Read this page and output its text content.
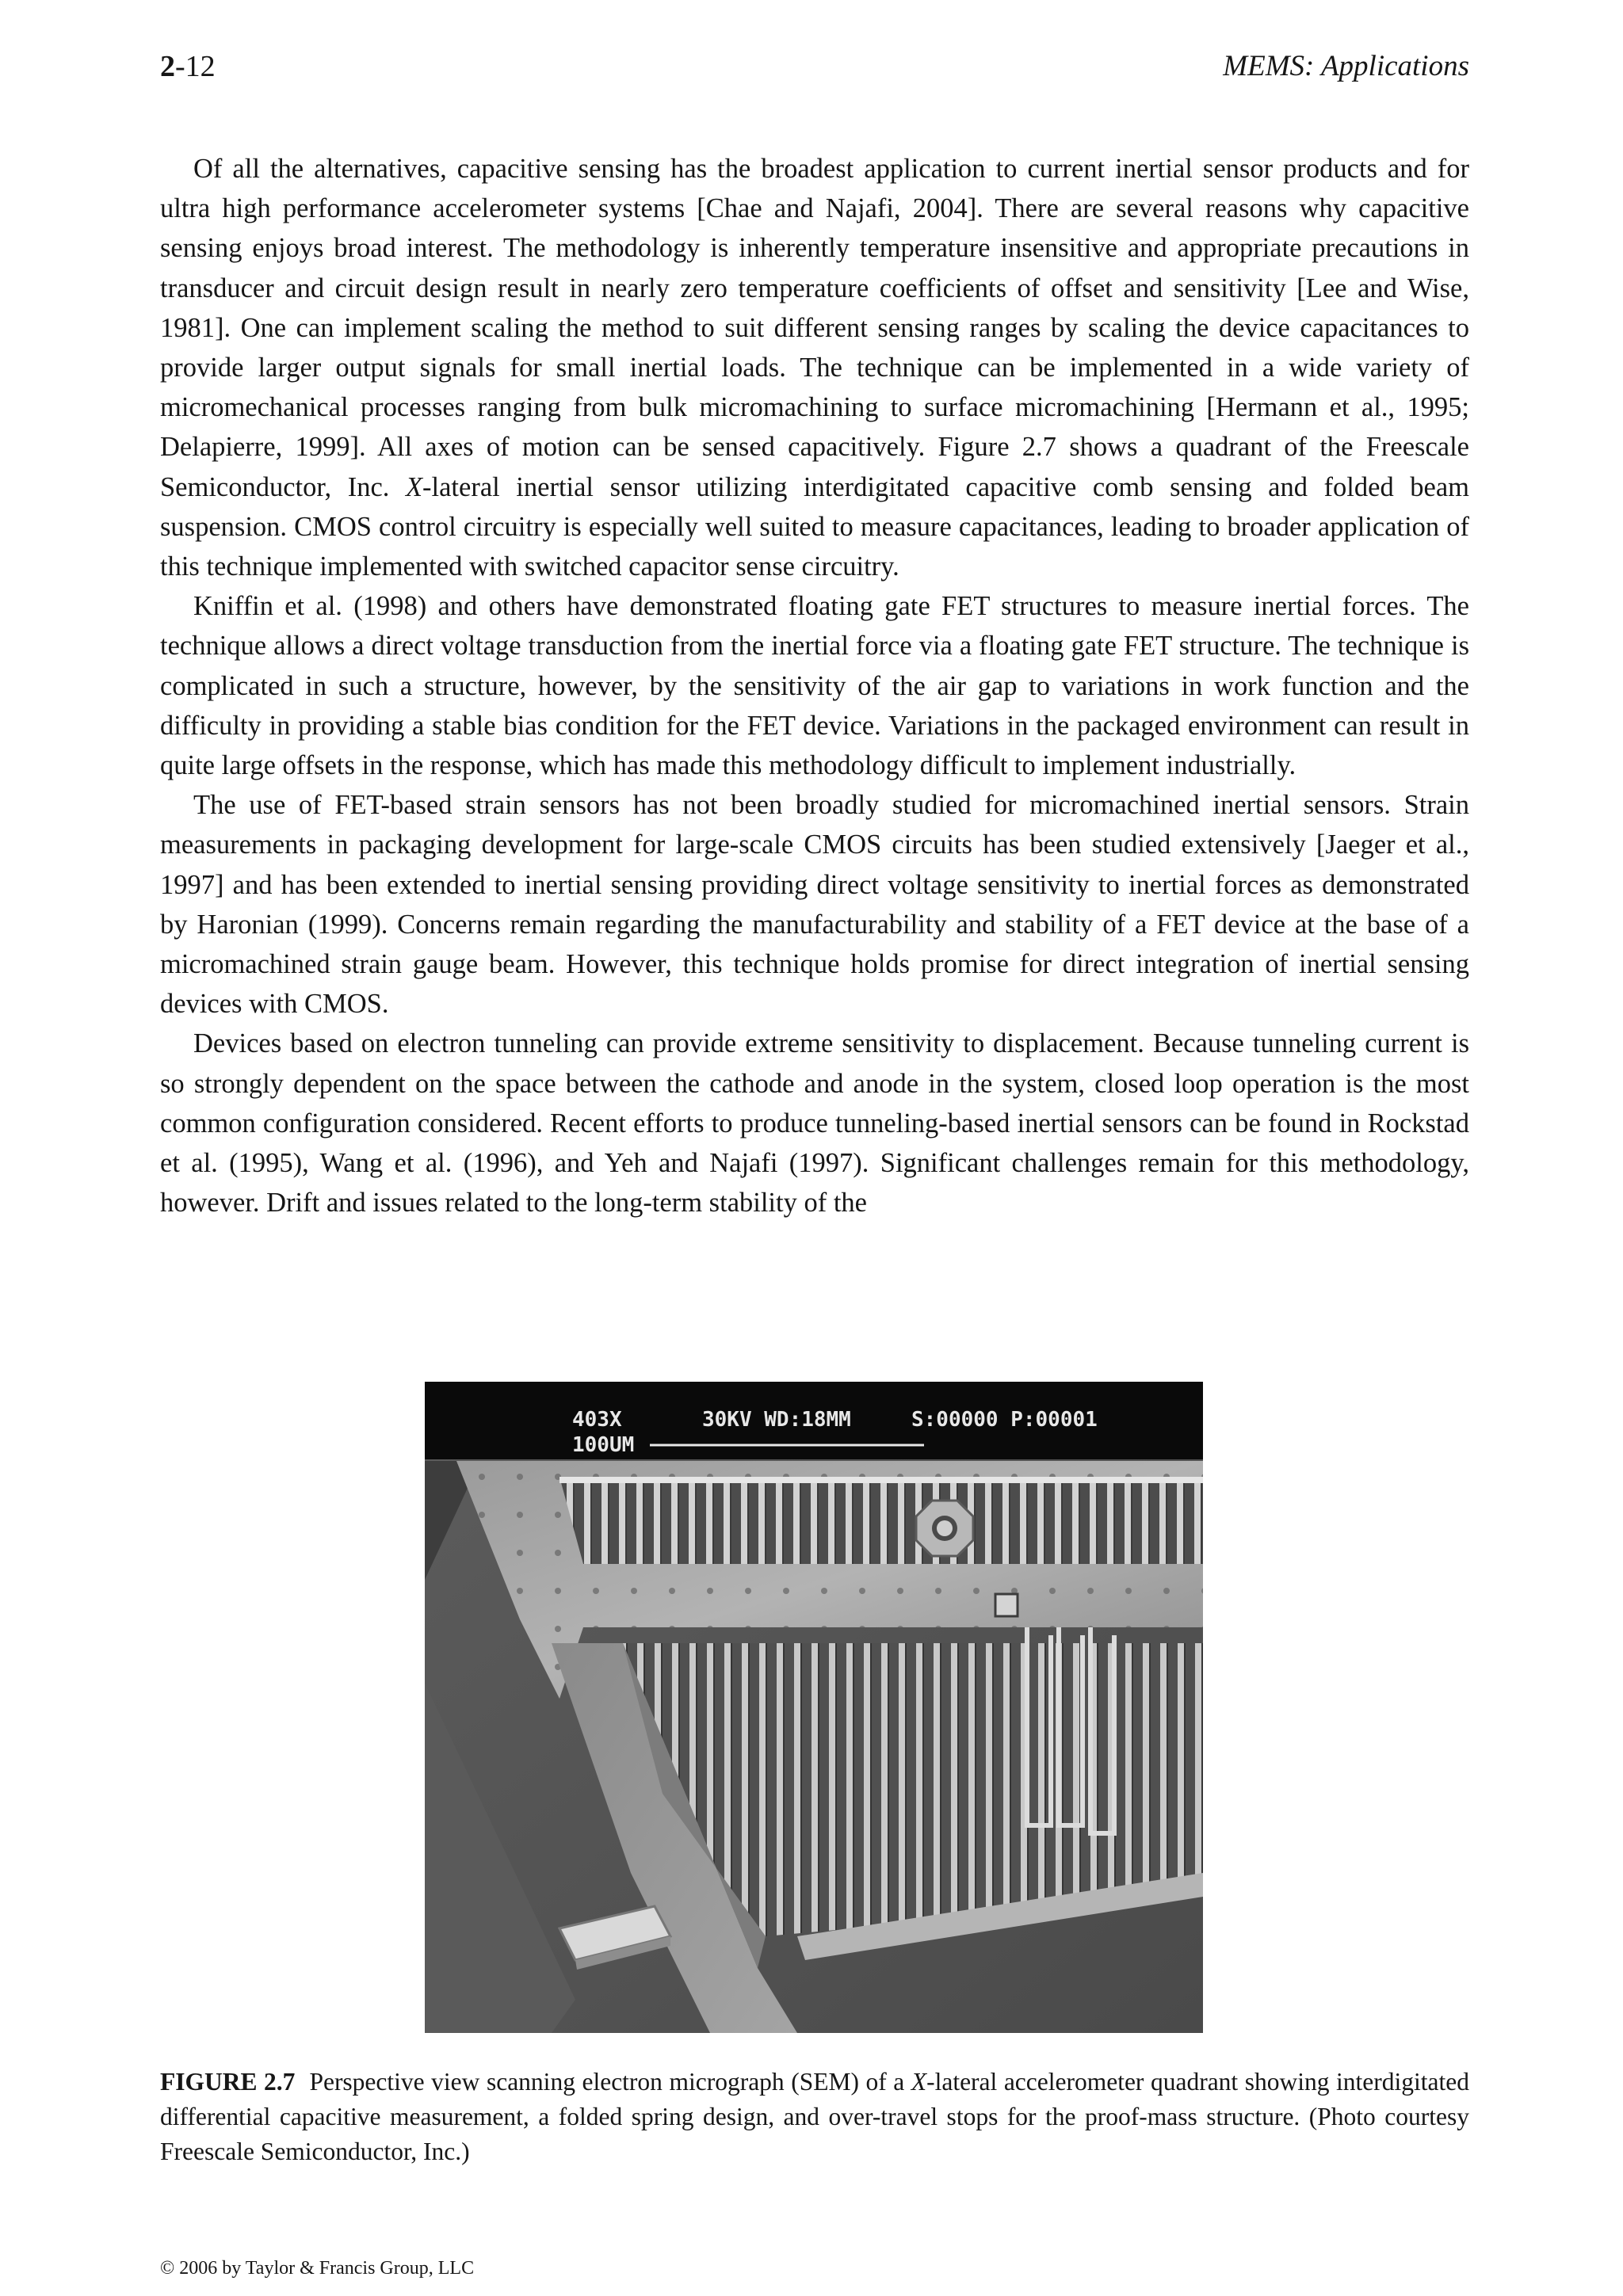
2-12	MEMS: Applications

Of all the alternatives, capacitive sensing has the broadest application to current inertial sensor products and for ultra high performance accelerometer systems [Chae and Najafi, 2004]. There are several reasons why capacitive sensing enjoys broad interest. The methodology is inherently temperature insensitive and appropriate precautions in transducer and circuit design result in nearly zero temperature coefficients of offset and sensitivity [Lee and Wise, 1981]. One can implement scaling the method to suit different sensing ranges by scaling the device capacitances to provide larger output signals for small inertial loads. The technique can be implemented in a wide variety of micromechanical processes ranging from bulk micromachining to surface micromachining [Hermann et al., 1995; Delapierre, 1999]. All axes of motion can be sensed capacitively. Figure 2.7 shows a quadrant of the Freescale Semiconductor, Inc. X-lateral inertial sensor utilizing interdigitated capacitive comb sensing and folded beam suspension. CMOS control circuitry is especially well suited to measure capacitances, leading to broader application of this technique implemented with switched capacitor sense circuitry.

Kniffin et al. (1998) and others have demonstrated floating gate FET structures to measure inertial forces. The technique allows a direct voltage transduction from the inertial force via a floating gate FET structure. The technique is complicated in such a structure, however, by the sensitivity of the air gap to variations in work function and the difficulty in providing a stable bias condition for the FET device. Variations in the packaged environment can result in quite large offsets in the response, which has made this methodology difficult to implement industrially.

The use of FET-based strain sensors has not been broadly studied for micromachined inertial sensors. Strain measurements in packaging development for large-scale CMOS circuits has been studied extensively [Jaeger et al., 1997] and has been extended to inertial sensing providing direct voltage sensitivity to inertial forces as demonstrated by Haronian (1999). Concerns remain regarding the manufacturability and stability of a FET device at the base of a micromachined strain gauge beam. However, this technique holds promise for direct integration of inertial sensing devices with CMOS.

Devices based on electron tunneling can provide extreme sensitivity to displacement. Because tunneling current is so strongly dependent on the space between the cathode and anode in the system, closed loop operation is the most common configuration considered. Recent efforts to produce tunneling-based inertial sensors can be found in Rockstad et al. (1995), Wang et al. (1996), and Yeh and Najafi (1997). Significant challenges remain for this methodology, however. Drift and issues related to the long-term stability of the

403X	30KV WD:18MM	S:00000 P:00001
100UM
FIGURE 2.7 Perspective view scanning electron micrograph (SEM) of a X-lateral accelerometer quadrant showing interdigitated differential capacitive measurement, a folded spring design, and over-travel stops for the proof-mass structure. (Photo courtesy Freescale Semiconductor, Inc.)
© 2006 by Taylor & Francis Group, LLC
